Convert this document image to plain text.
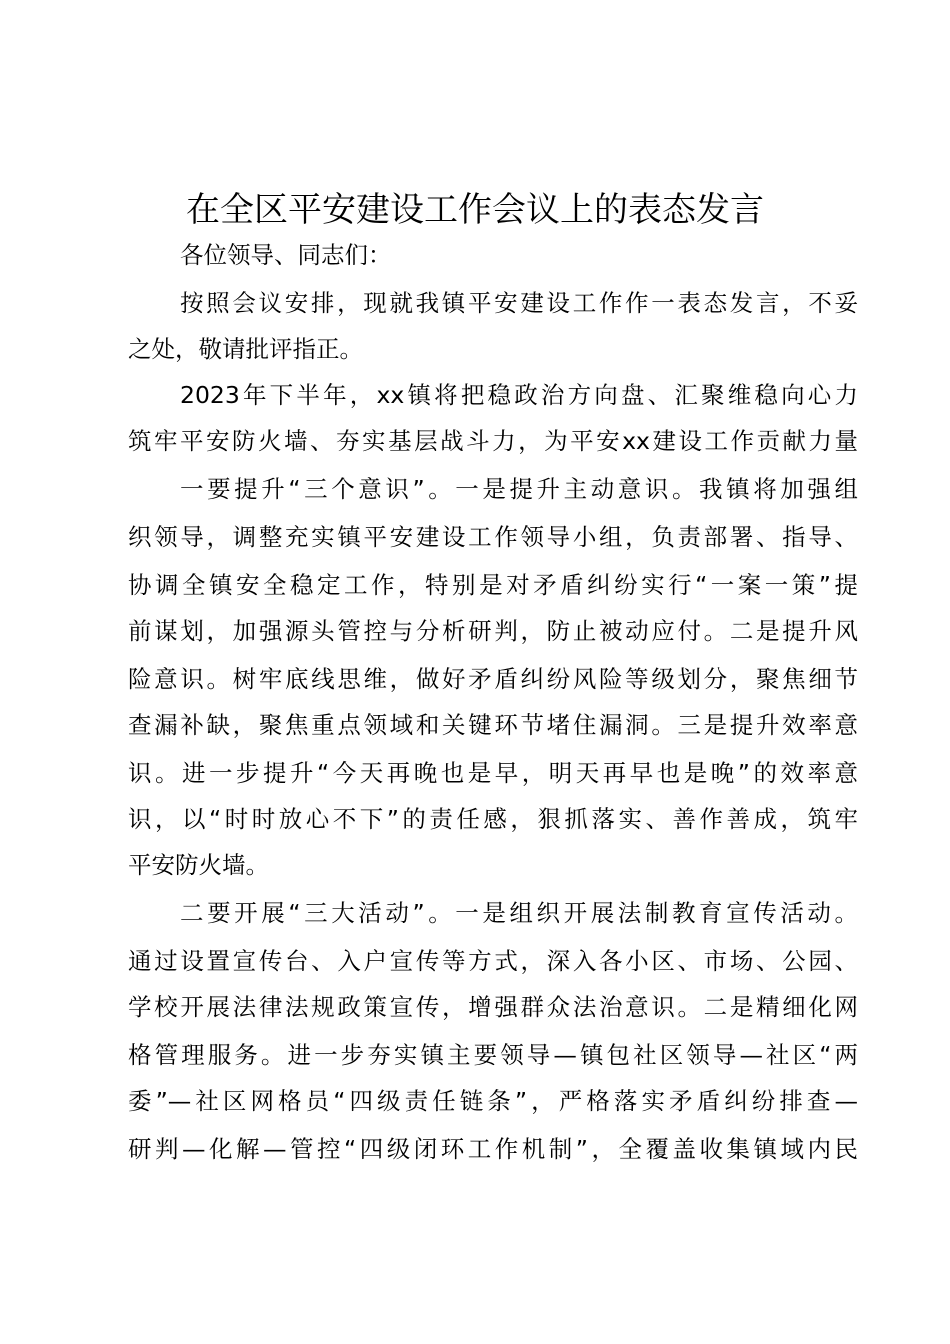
在全区平安建设工作会议上的表态发言

各位领导、同志们：

按照会议安排，现就我镇平安建设工作作一表态发言，不妥

之处，敬请批评指正。

2023年下半年，xx镇将把稳政治方向盘、汇聚维稳向心力

筑牢平安防火墙、夯实基层战斗力，为平安xx建设工作贡献力量

一要提升“三个意识”。一是提升主动意识。我镇将加强组

织领导，调整充实镇平安建设工作领导小组，负责部署、指导、

协调全镇安全稳定工作，特别是对矛盾纠纷实行“一案一策”提

前谋划，加强源头管控与分析研判，防止被动应付。二是提升风

险意识。树牢底线思维，做好矛盾纠纷风险等级划分，聚焦细节

查漏补缺，聚焦重点领域和关键环节堵住漏洞。三是提升效率意

识。进一步提升“今天再晚也是早，明天再早也是晚”的效率意

识，以“时时放心不下”的责任感，狠抓落实、善作善成，筑牢

平安防火墙。

二要开展“三大活动”。一是组织开展法制教育宣传活动。

通过设置宣传台、入户宣传等方式，深入各小区、市场、公园、

学校开展法律法规政策宣传，增强群众法治意识。二是精细化网

格管理服务。进一步夯实镇主要领导—镇包社区领导—社区“两

委”—社区网格员“四级责任链条”，严格落实矛盾纠纷排查—

研判—化解—管控“四级闭环工作机制”，全覆盖收集镇域内民
